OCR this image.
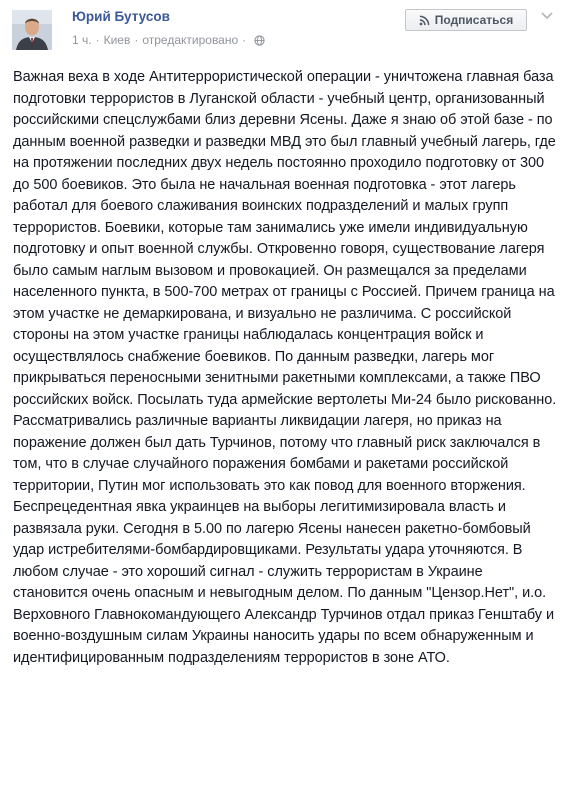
Юрий Бутусов
1 ч. · Киев · отредактировано ·
Подписаться

Важная веха в ходе Антитеррористической операции - уничтожена главная база подготовки террористов в Луганской области - учебный центр, организованный российскими спецслужбами близ деревни Ясены. Даже я знаю об этой базе - по данным военной разведки и разведки МВД это был главный учебный лагерь, где на протяжении последних двух недель постоянно проходило подготовку от 300 до 500 боевиков. Это была не начальная военная подготовка - этот лагерь работал для боевого слаживания воинских подразделений и малых групп террористов. Боевики, которые там занимались уже имели индивидуальную подготовку и опыт военной службы. Откровенно говоря, существование лагеря было самым наглым вызовом и провокацией. Он размещался за пределами населенного пункта, в 500-700 метрах от границы с Россией. Причем граница на этом участке не демаркирована, и визуально не различима. С российской стороны на этом участке границы наблюдалась концентрация войск и осуществлялось снабжение боевиков. По данным разведки, лагерь мог прикрываться переносными зенитными ракетными комплексами, а также ПВО российских войск. Посылать туда армейские вертолеты Ми-24 было рискованно. Рассматривались различные варианты ликвидации лагеря, но приказ на поражение должен был дать Турчинов, потому что главный риск заключался в том, что в случае случайного поражения бомбами и ракетами российской территории, Путин мог использовать это как повод для военного вторжения. Беспрецедентная явка украинцев на выборы легитимизировала власть и развязала руки. Сегодня в 5.00 по лагерю Ясены нанесен ракетно-бомбовый удар истребителями-бомбардировщиками. Результаты удара уточняются. В любом случае - это хороший сигнал - служить террористам в Украине становится очень опасным и невыгодным делом. По данным "Цензор.Нет", и.о. Верховного Главнокомандующего Александр Турчинов отдал приказ Генштабу и военно-воздушным силам Украины наносить удары по всем обнаруженным и идентифицированным подразделениям террористов в зоне АТО.
